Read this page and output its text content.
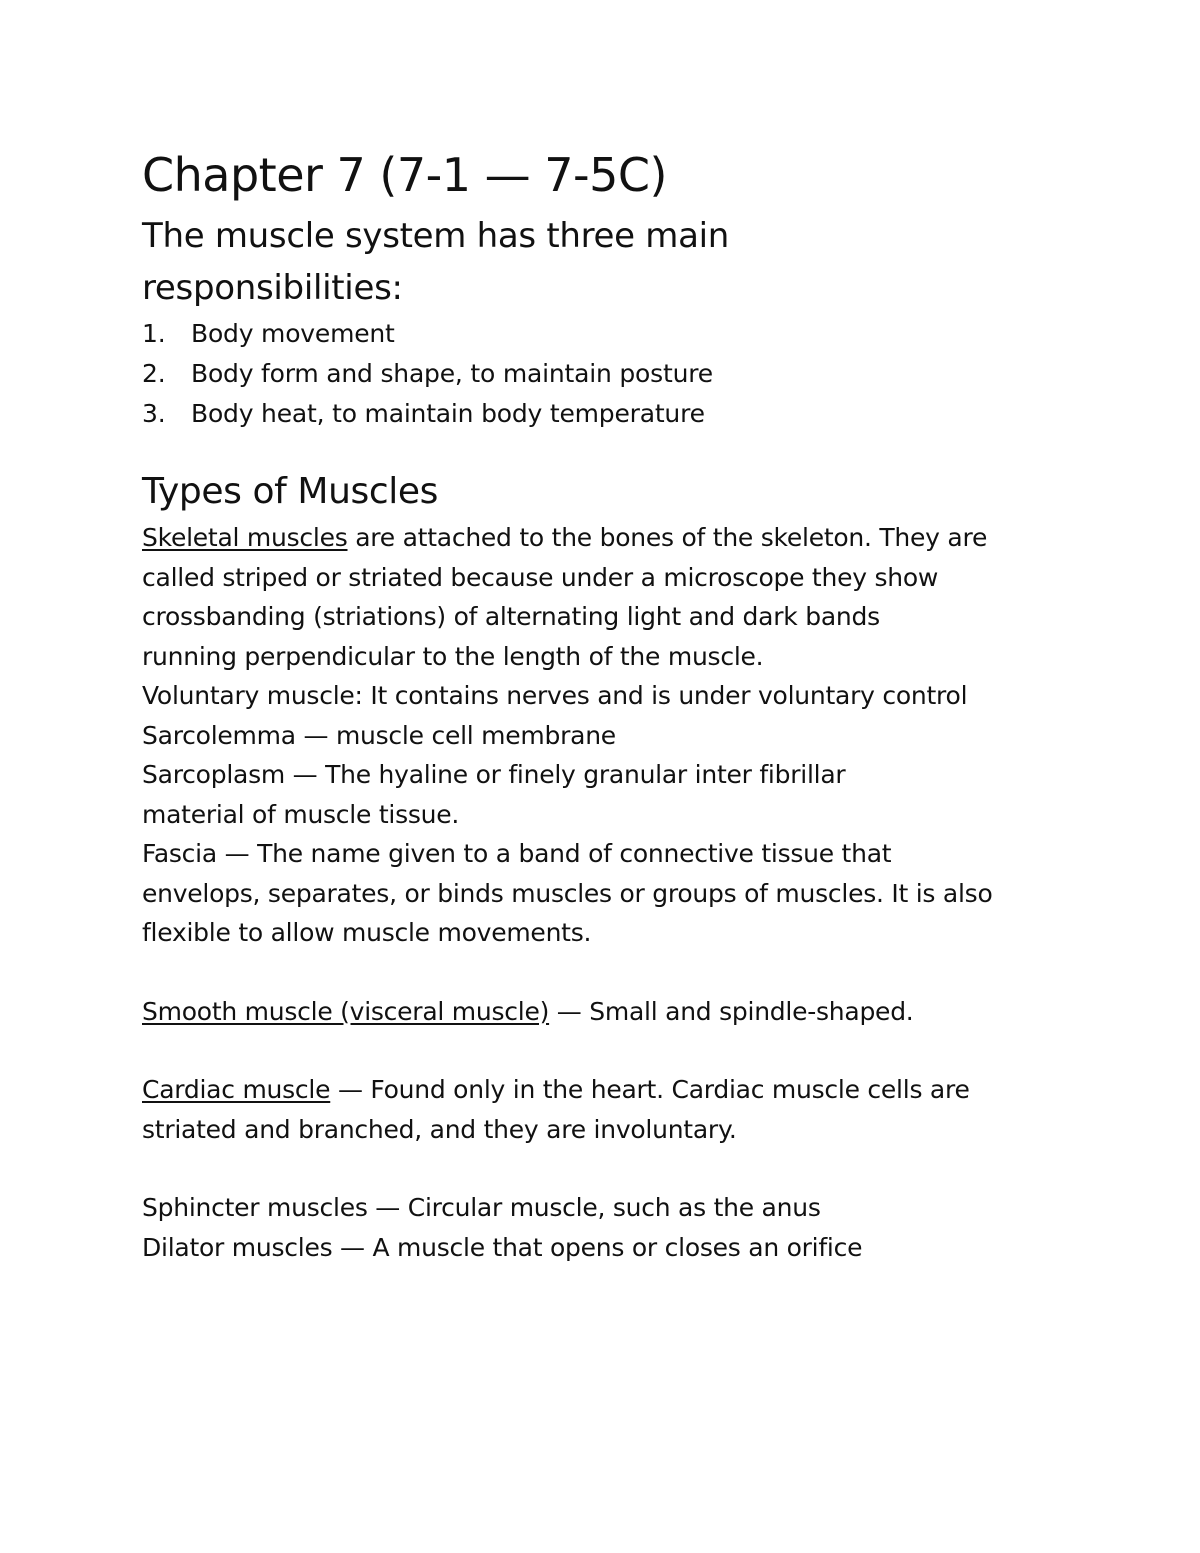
Chapter 7 (7-1 — 7-5C)

The muscle system has three main

responsibilities:

1.	Body movement
2.	Body form and shape, to maintain posture
3.	Body heat, to maintain body temperature
Types of Muscles

Skeletal muscles are attached to the bones of the skeleton. They are

called striped or striated because under a microscope they show

crossbanding (striations) of alternating light and dark bands

running perpendicular to the length of the muscle.

Voluntary muscle: It contains nerves and is under voluntary control

Sarcolemma — muscle cell membrane

Sarcoplasm — The hyaline or finely granular inter fibrillar

material of muscle tissue.

Fascia — The name given to a band of connective tissue that

envelops, separates, or binds muscles or groups of muscles. It is also

flexible to allow muscle movements.

Smooth muscle (visceral muscle) — Small and spindle-shaped.

Cardiac muscle — Found only in the heart. Cardiac muscle cells are

striated and branched, and they are involuntary.

Sphincter muscles — Circular muscle, such as the anus

Dilator muscles — A muscle that opens or closes an orifice
